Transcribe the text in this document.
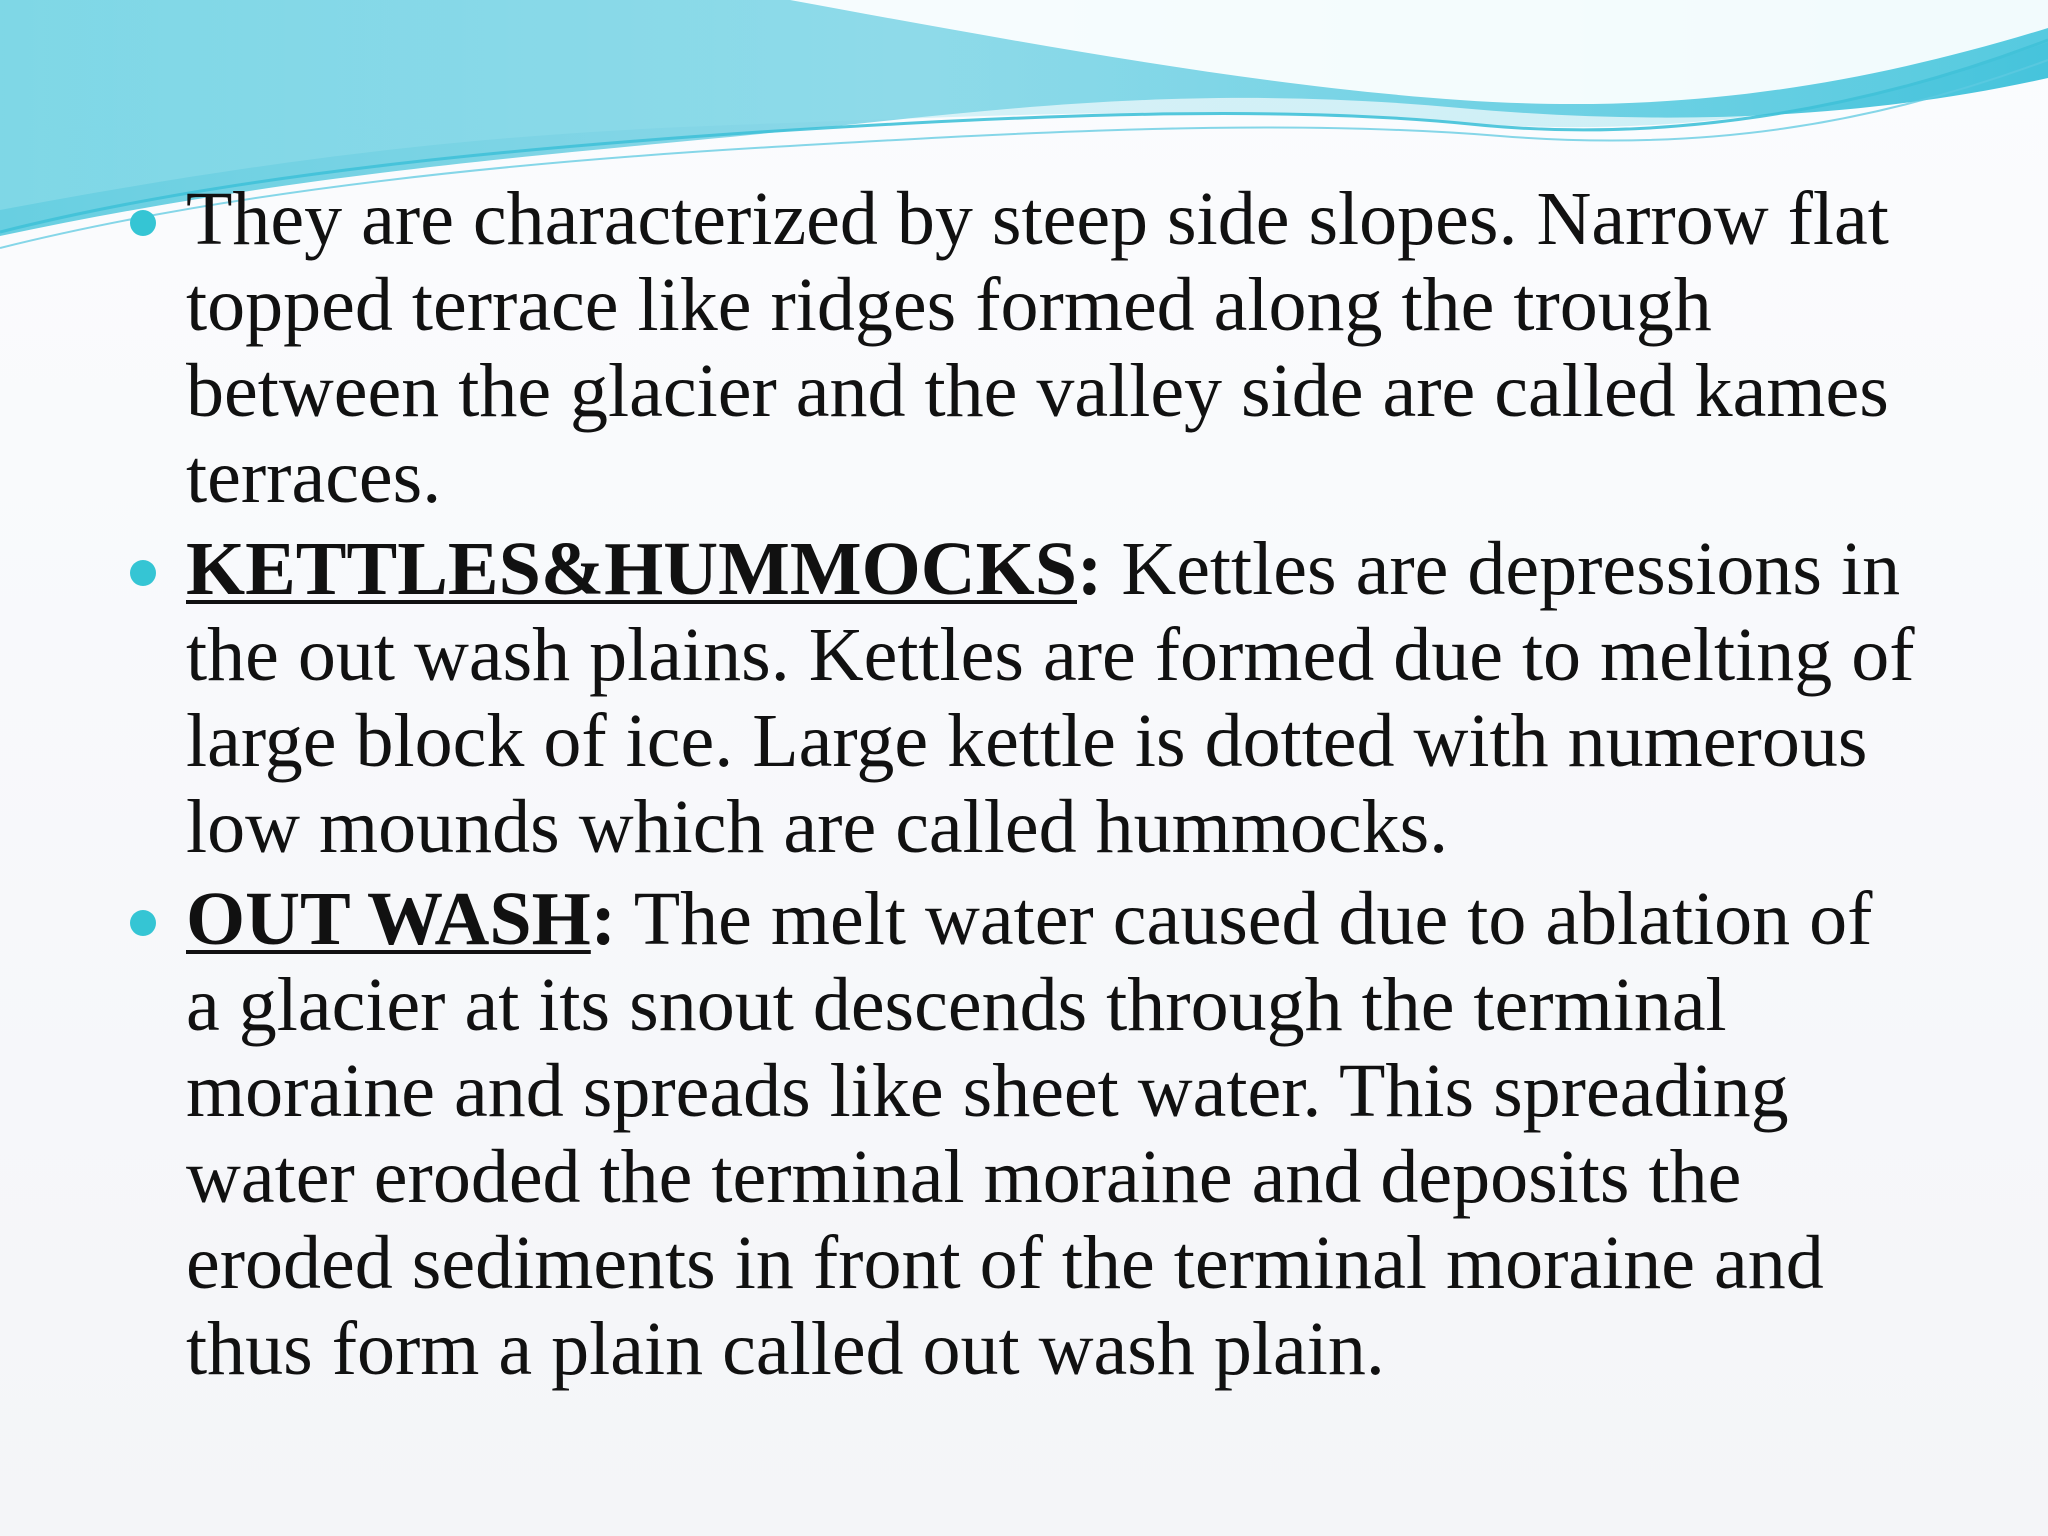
They are characterized by steep side slopes. Narrow flat topped terrace like ridges formed along the trough between the glacier and the valley side are called kames terraces.
KETTLES&HUMMOCKS: Kettles are depressions in the out wash plains. Kettles are formed due to melting of large block of ice. Large kettle is dotted with numerous low mounds which are called hummocks.
OUT WASH: The melt water caused due to ablation of a glacier at its snout descends through the terminal moraine and spreads like sheet water. This spreading water eroded the terminal moraine and deposits the eroded sediments in front of the terminal moraine and thus form a plain called out wash plain.
